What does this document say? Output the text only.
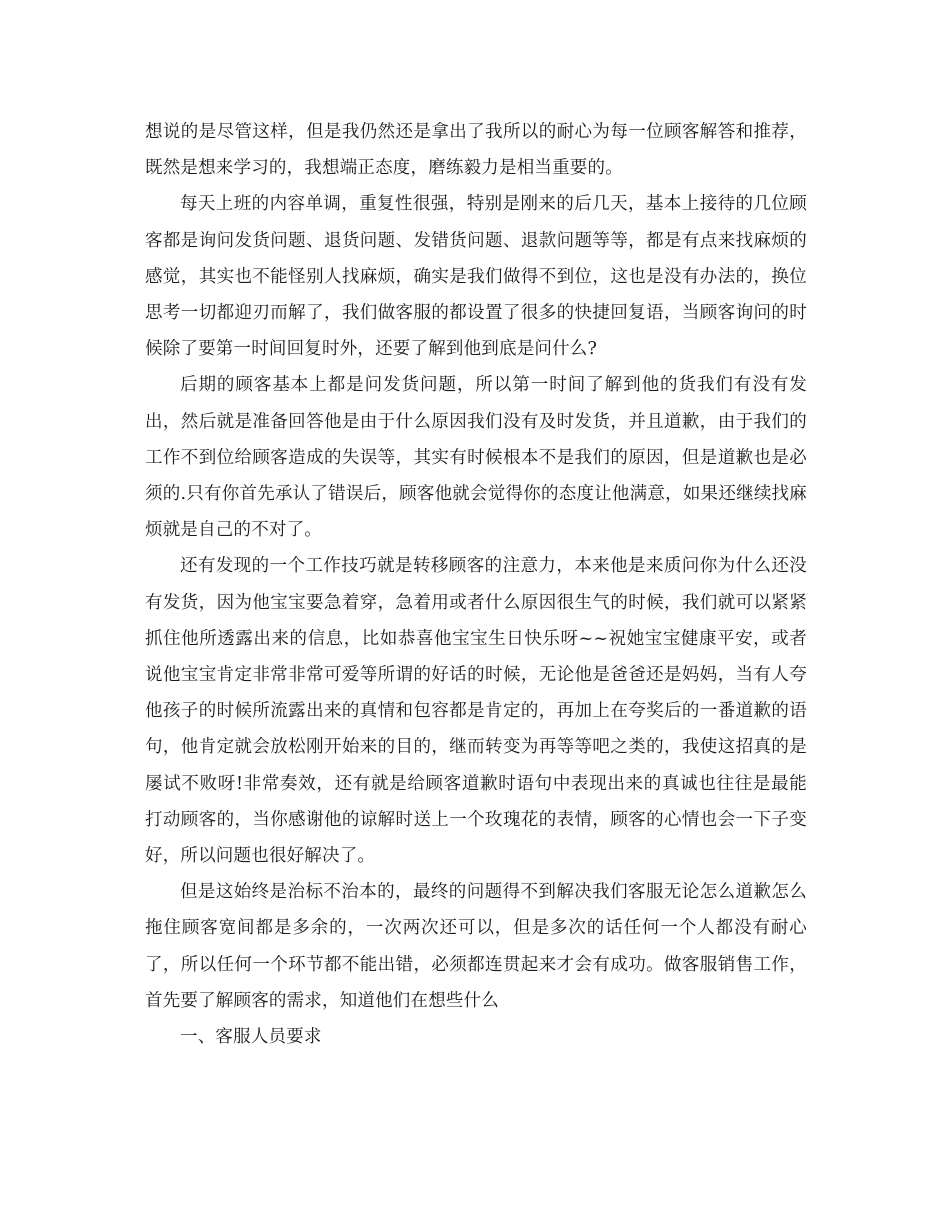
想说的是尽管这样，但是我仍然还是拿出了我所以的耐心为每一位顾客解答和推荐，既然是想来学习的，我想端正态度，磨练毅力是相当重要的。

每天上班的内容单调，重复性很强，特别是刚来的后几天，基本上接待的几位顾客都是询问发货问题、退货问题、发错货问题、退款问题等等，都是有点来找麻烦的感觉，其实也不能怪别人找麻烦，确实是我们做得不到位，这也是没有办法的，换位思考一切都迎刃而解了，我们做客服的都设置了很多的快捷回复语，当顾客询问的时候除了要第一时间回复时外，还要了解到他到底是问什么?

后期的顾客基本上都是问发货问题，所以第一时间了解到他的货我们有没有发出，然后就是准备回答他是由于什么原因我们没有及时发货，并且道歉，由于我们的工作不到位给顾客造成的失误等，其实有时候根本不是我们的原因，但是道歉也是必须的.只有你首先承认了错误后，顾客他就会觉得你的态度让他满意，如果还继续找麻烦就是自己的不对了。

还有发现的一个工作技巧就是转移顾客的注意力，本来他是来质问你为什么还没有发货，因为他宝宝要急着穿，急着用或者什么原因很生气的时候，我们就可以紧紧抓住他所透露出来的信息，比如恭喜他宝宝生日快乐呀~~祝她宝宝健康平安，或者说他宝宝肯定非常非常可爱等所谓的好话的时候，无论他是爸爸还是妈妈，当有人夸他孩子的时候所流露出来的真情和包容都是肯定的，再加上在夸奖后的一番道歉的语句，他肯定就会放松刚开始来的目的，继而转变为再等等吧之类的，我使这招真的是屡试不败呀!非常奏效，还有就是给顾客道歉时语句中表现出来的真诚也往往是最能打动顾客的，当你感谢他的谅解时送上一个玫瑰花的表情，顾客的心情也会一下子变好，所以问题也很好解决了。

但是这始终是治标不治本的，最终的问题得不到解决我们客服无论怎么道歉怎么拖住顾客宽间都是多余的，一次两次还可以，但是多次的话任何一个人都没有耐心了，所以任何一个环节都不能出错，必须都连贯起来才会有成功。做客服销售工作，首先要了解顾客的需求，知道他们在想些什么

一、客服人员要求
